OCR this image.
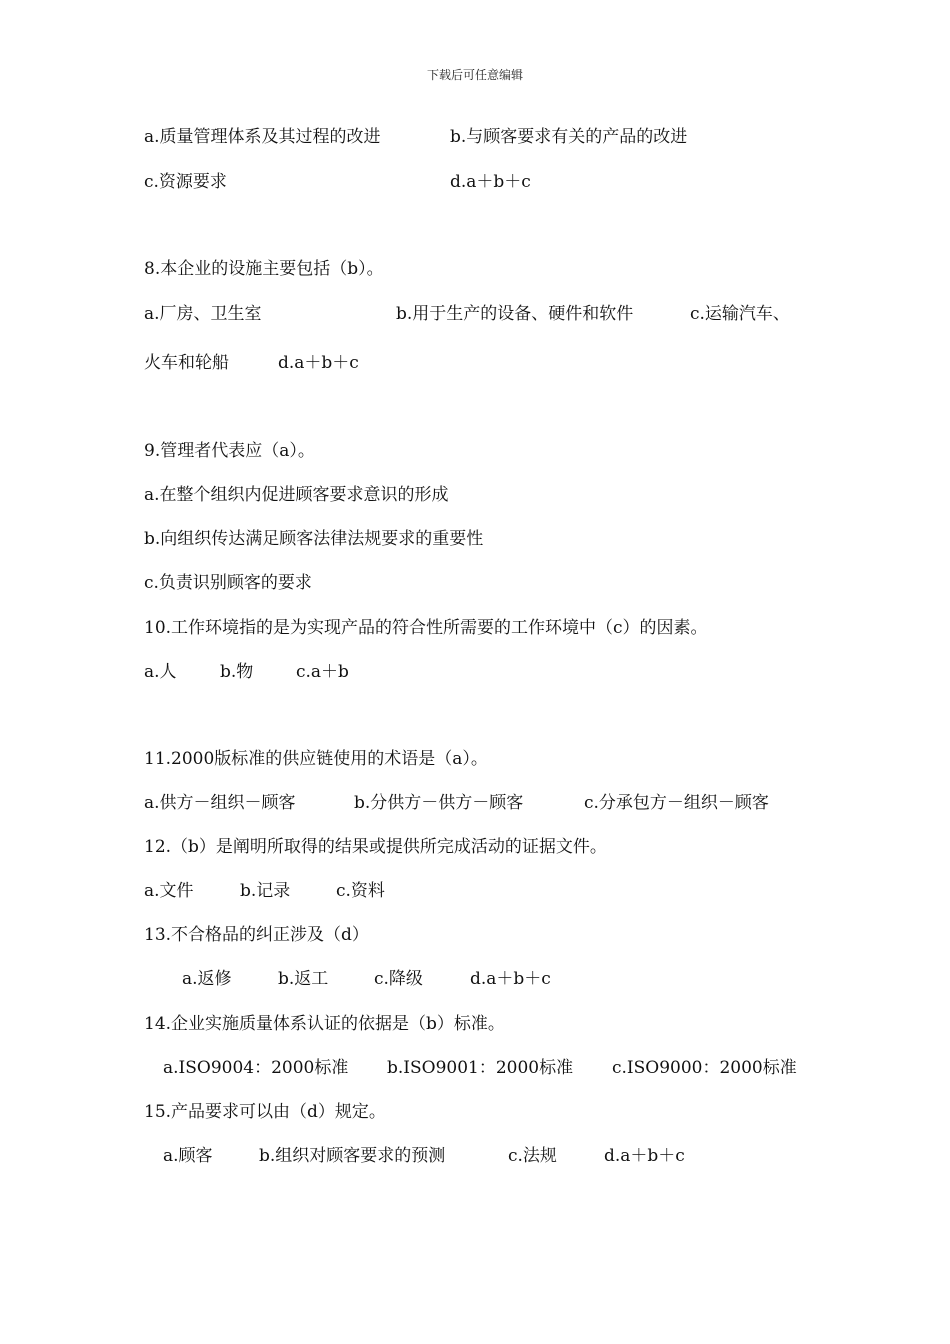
下载后可任意编辑
a.质量管理体系及其过程的改进	b.与顾客要求有关的产品的改进
c.资源要求	d.a＋b＋c
8.本企业的设施主要包括（b）。
a.厂房、卫生室	b.用于生产的设备、硬件和软件	c.运输汽车、
火车和轮船	d.a＋b＋c
9.管理者代表应（a）。
a.在整个组织内促进顾客要求意识的形成
b.向组织传达满足顾客法律法规要求的重要性
c.负责识别顾客的要求
10.工作环境指的是为实现产品的符合性所需要的工作环境中（c）的因素。
a.人	b.物	c.a＋b
11.2000版标准的供应链使用的术语是（a）。
a.供方－组织－顾客	b.分供方－供方－顾客	c.分承包方－组织－顾客
12.（b）是阐明所取得的结果或提供所完成活动的证据文件。
a.文件	b.记录	c.资料
13.不合格品的纠正涉及（d）
a.返修	b.返工	c.降级	d.a＋b＋c
14.企业实施质量体系认证的依据是（b）标准。
a.ISO9004：2000标准 b.ISO9001：2000标准 c.ISO9000：2000标准
15.产品要求可以由（d）规定。
a.顾客	b.组织对顾客要求的预测	c.法规	d.a＋b＋c
